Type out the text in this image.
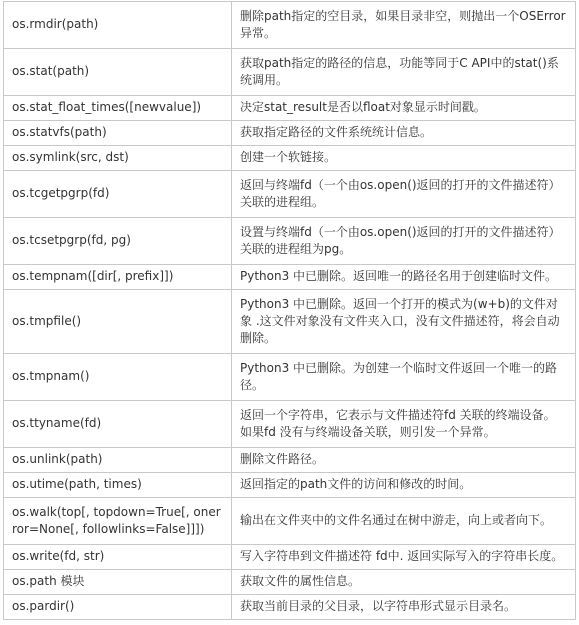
os.rmdir(path)	删除path指定的空目录，如果目录非空，则抛出一个OSError异常。
os.stat(path)	获取path指定的路径的信息，功能等同于C API中的stat()系统调用。
os.stat_float_times([newvalue])	决定stat_result是否以float对象显示时间戳。
os.statvfs(path)	获取指定路径的文件系统统计信息。
os.symlink(src, dst)	创建一个软链接。
os.tcgetpgrp(fd)	返回与终端fd（一个由os.open()返回的打开的文件描述符）关联的进程组。
os.tcsetpgrp(fd, pg)	设置与终端fd（一个由os.open()返回的打开的文件描述符）关联的进程组为pg。
os.tempnam([dir[, prefix]])	Python3 中已删除。返回唯一的路径名用于创建临时文件。
os.tmpfile()	Python3 中已删除。返回一个打开的模式为(w+b)的文件对象 .这文件对象没有文件夹入口，没有文件描述符，将会自动删除。
os.tmpnam()	Python3 中已删除。为创建一个临时文件返回一个唯一的路径。
os.ttyname(fd)	返回一个字符串，它表示与文件描述符fd 关联的终端设备。如果fd 没有与终端设备关联，则引发一个异常。
os.unlink(path)	删除文件路径。
os.utime(path, times)	返回指定的path文件的访问和修改的时间。
os.walk(top[, topdown=True[, onerror=None[, followlinks=False]]])	输出在文件夹中的文件名通过在树中游走，向上或者向下。
os.write(fd, str)	写入字符串到文件描述符 fd中. 返回实际写入的字符串长度。
os.path 模块	获取文件的属性信息。
os.pardir()	获取当前目录的父目录，以字符串形式显示目录名。
